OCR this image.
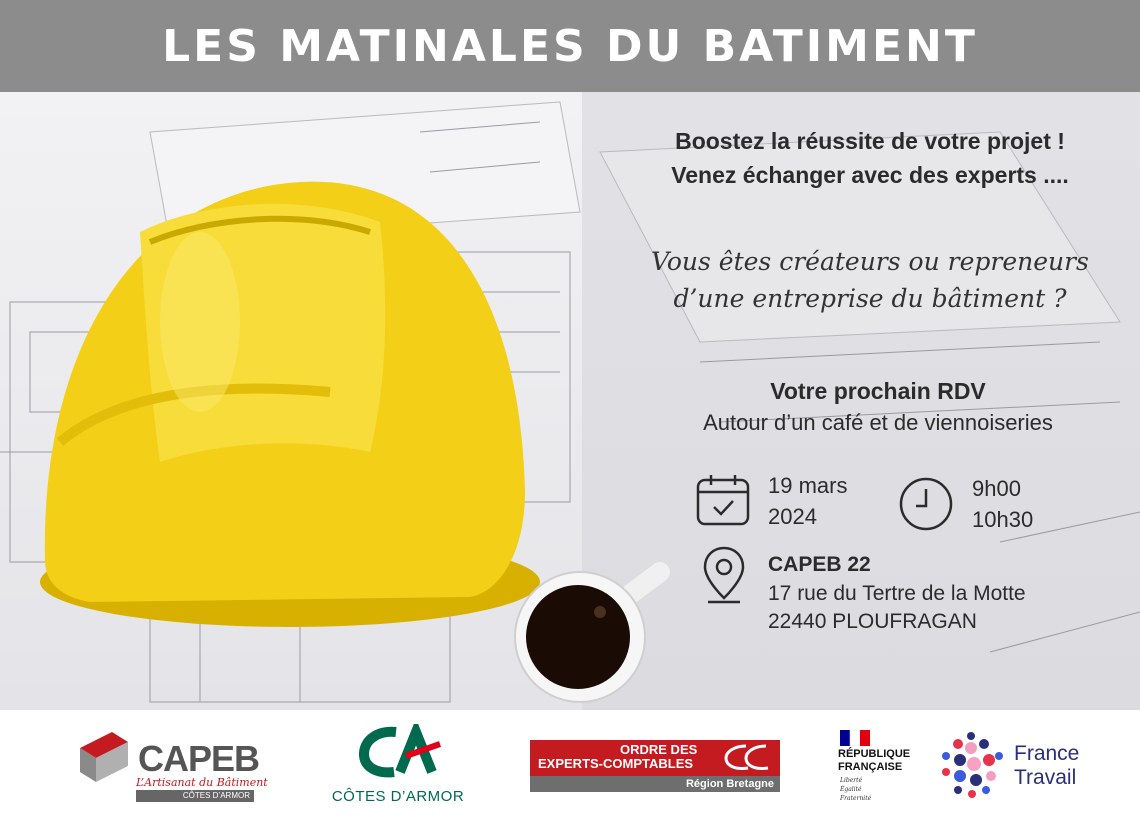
LES MATINALES DU BATIMENT
Boostez la réussite de votre projet !
Venez échanger avec des experts ....
Vous êtes créateurs ou repreneurs
d’une entreprise du bâtiment ?
Votre prochain RDV
Autour d’un café et de viennoiseries
19 mars
2024
9h00
10h30
CAPEB 22
17 rue du Tertre de la Motte
22440 PLOUFRAGAN
CAPEB
L’Artisanat du Bâtiment
CÔTES D’ARMOR	CÔTES D’ARMOR
ORDRE DES
EXPERTS-COMPTABLES
Région Bretagne
RÉPUBLIQUE
FRANÇAISE
Liberté
Égalité
Fraternité
France
Travail
